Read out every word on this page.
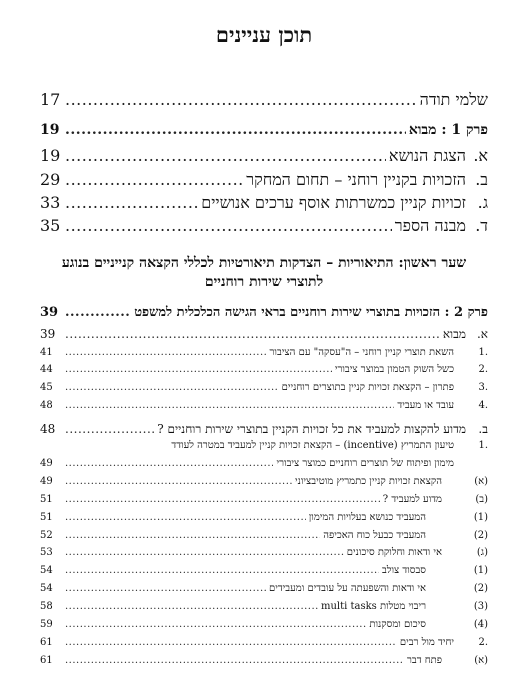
תוכן עניינים
שלמי תודה
.....
17
פרק 1 : מבוא
.....
19
א.
הצגת הנושא
.....
19
ב.
הזכויות בקניין רוחני – תחום המחקר
.....
29
ג.
זכויות קניין כמשרתות אוסף ערכים אנושיים
.....
33
ד.
מבנה הספר
.....
35
שער ראשון: התיאוריות – הצדקות תיאורטיות לכללי הקצאה קנייניים בנוגע
לתוצרי שירות רוחניים
פרק 2 : הזכויות בתוצרי שירות רוחניים בראי הגישה הכלכלית למשפט
.....
39
א.
מבוא
.....
39
.1
השאת תוצרי קניין רוחני – ה"עסקה" עם הציבור
.....
41
.2
כשל השוק הטמון במוצר ציבורי
.....
44
.3
פתרון – הקצאת זכויות קניין בתוצרים רוחניים
.....
45
.4
עובד או מעביד
.....
48
ב.
מדוע להקצות למעביד את כל זכויות הקניין בתוצרי שירות רוחניים ?
.....
48
.1
טיעון התמריץ (incentive) – הקצאת זכויות קניין למעביד במטרה לעודד
מימון ופיתוח של תוצרים רוחניים כמוצר ציבורי
.....
49
(א)
הקצאת זכויות קניין כתמריץ מוטיבציוני
.....
49
(ב)
מדוע למעביד ?
.....
51
(1)
המעביד כנושא בעלויות המימון
.....
51
(2)
המעביד כבעל כוח האכיפה
.....
52
(ג)
אי ודאות וחלוקת סיכונים
.....
53
(1)
סבסוד צולב
.....
54
(2)
אי ודאות והשפעתה על עובדים ומעבידים
.....
54
(3)
ריבוי מטלות multi tasks
.....
58
(4)
סיכום ומסקנות
.....
59
.2
יחיד מול רבים
.....
61
(א)
פתח דבר
.....
61
